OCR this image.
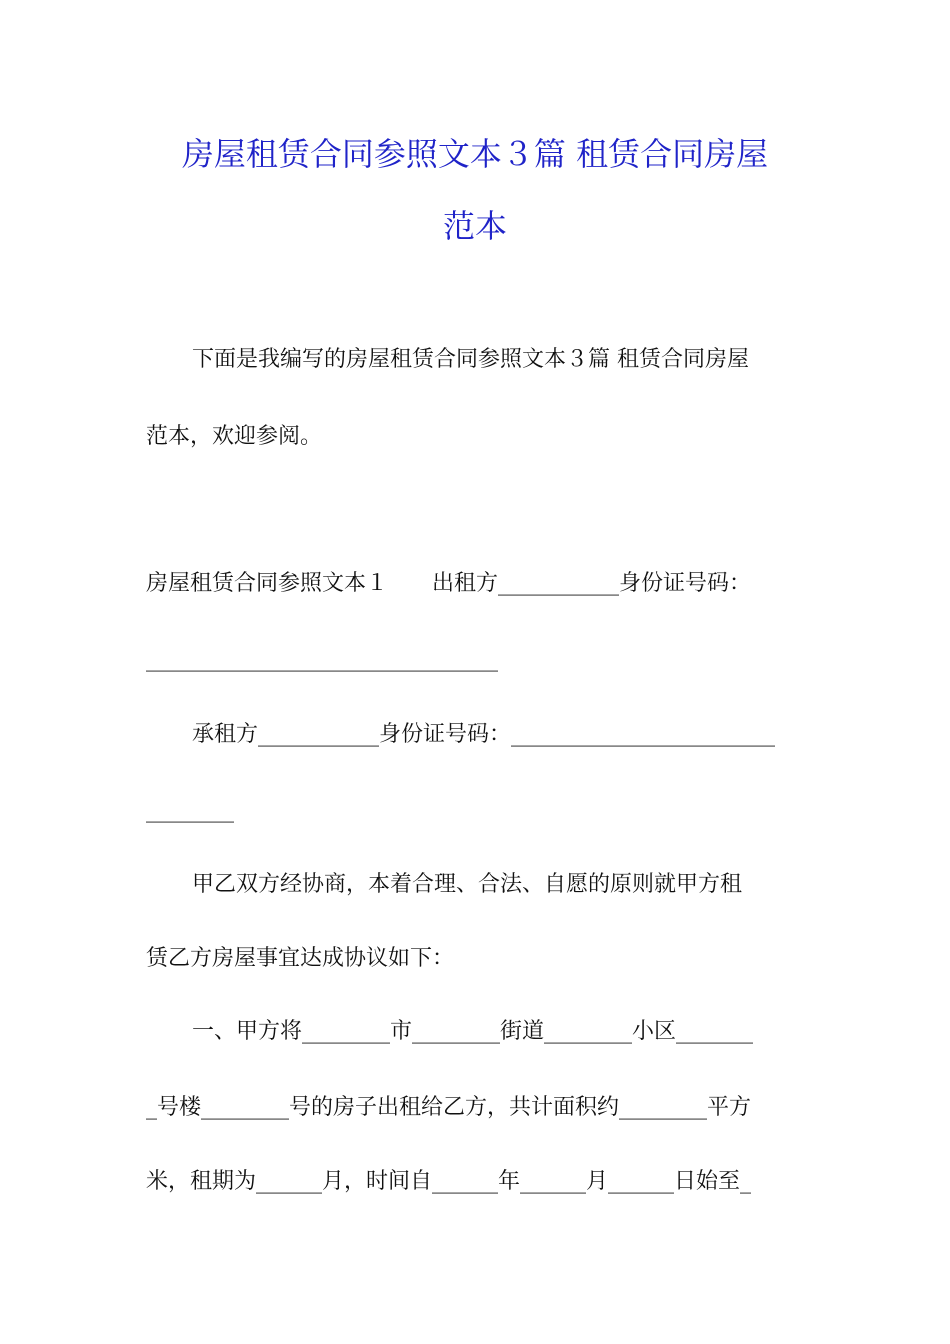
房屋租赁合同参照文本３篇 租赁合同房屋
范本
下面是我编写的房屋租赁合同参照文本３篇 租赁合同房屋
范本，欢迎参阅。
房屋租赁合同参照文本１　　出租方___________身份证号码：
________________________________
承租方___________身份证号码：________________________
________
甲乙双方经协商，本着合理、合法、自愿的原则就甲方租
赁乙方房屋事宜达成协议如下：
一、甲方将________市________街道________小区_______
_号楼________号的房子出租给乙方，共计面积约________平方
米，租期为______月，时间自______年______月______日始至_
